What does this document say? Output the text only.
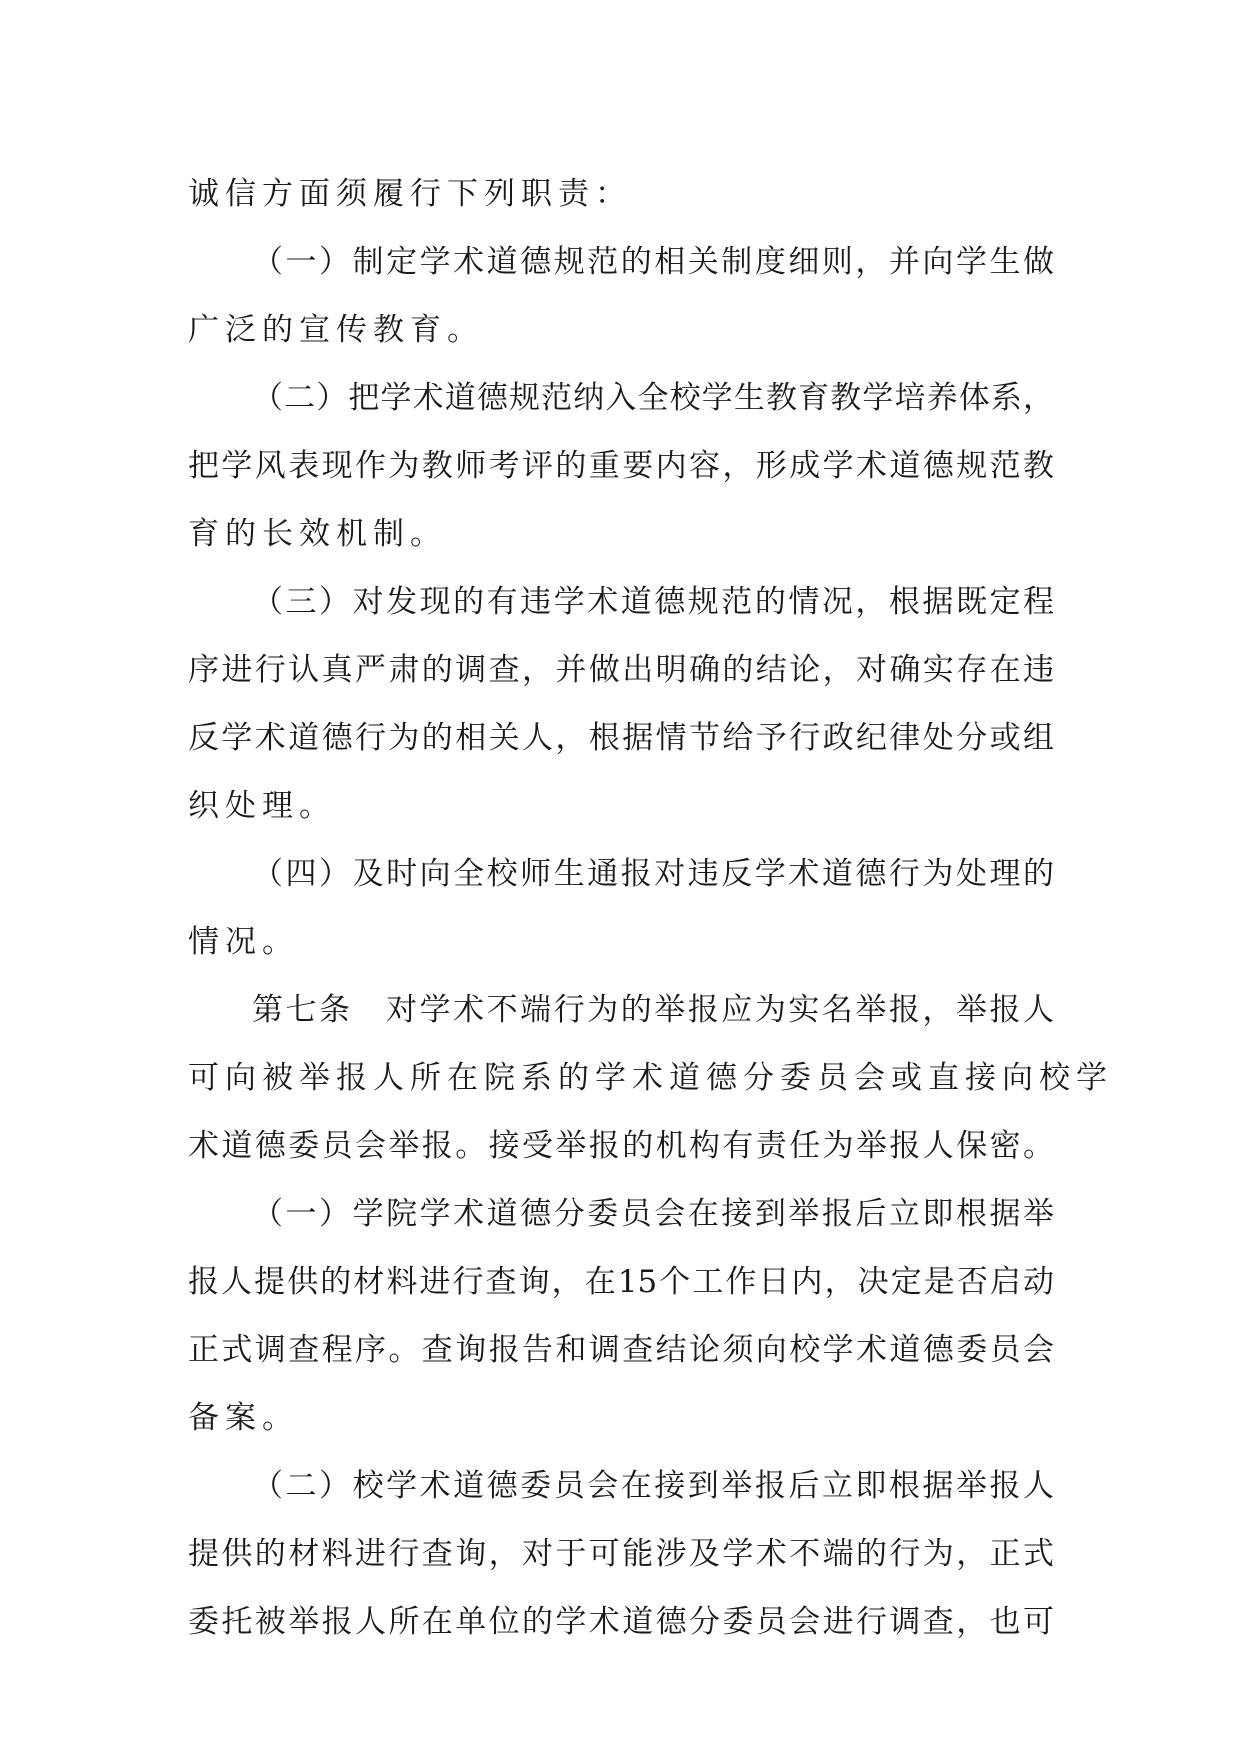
诚信方面须履行下列职责：
（一）制定学术道德规范的相关制度细则，并向学生做
广泛的宣传教育。
（二）把学术道德规范纳入全校学生教育教学培养体系，
把学风表现作为教师考评的重要内容，形成学术道德规范教
育的长效机制。
（三）对发现的有违学术道德规范的情况，根据既定程
序进行认真严肃的调查，并做出明确的结论，对确实存在违
反学术道德行为的相关人，根据情节给予行政纪律处分或组
织处理。
（四）及时向全校师生通报对违反学术道德行为处理的
情况。
第七条　对学术不端行为的举报应为实名举报，举报人
可向被举报人所在院系的学术道德分委员会或直接向校学
术道德委员会举报。接受举报的机构有责任为举报人保密。
（一）学院学术道德分委员会在接到举报后立即根据举
报人提供的材料进行查询，在15个工作日内，决定是否启动
正式调查程序。查询报告和调查结论须向校学术道德委员会
备案。
（二）校学术道德委员会在接到举报后立即根据举报人
提供的材料进行查询，对于可能涉及学术不端的行为，正式
委托被举报人所在单位的学术道德分委员会进行调查，也可
